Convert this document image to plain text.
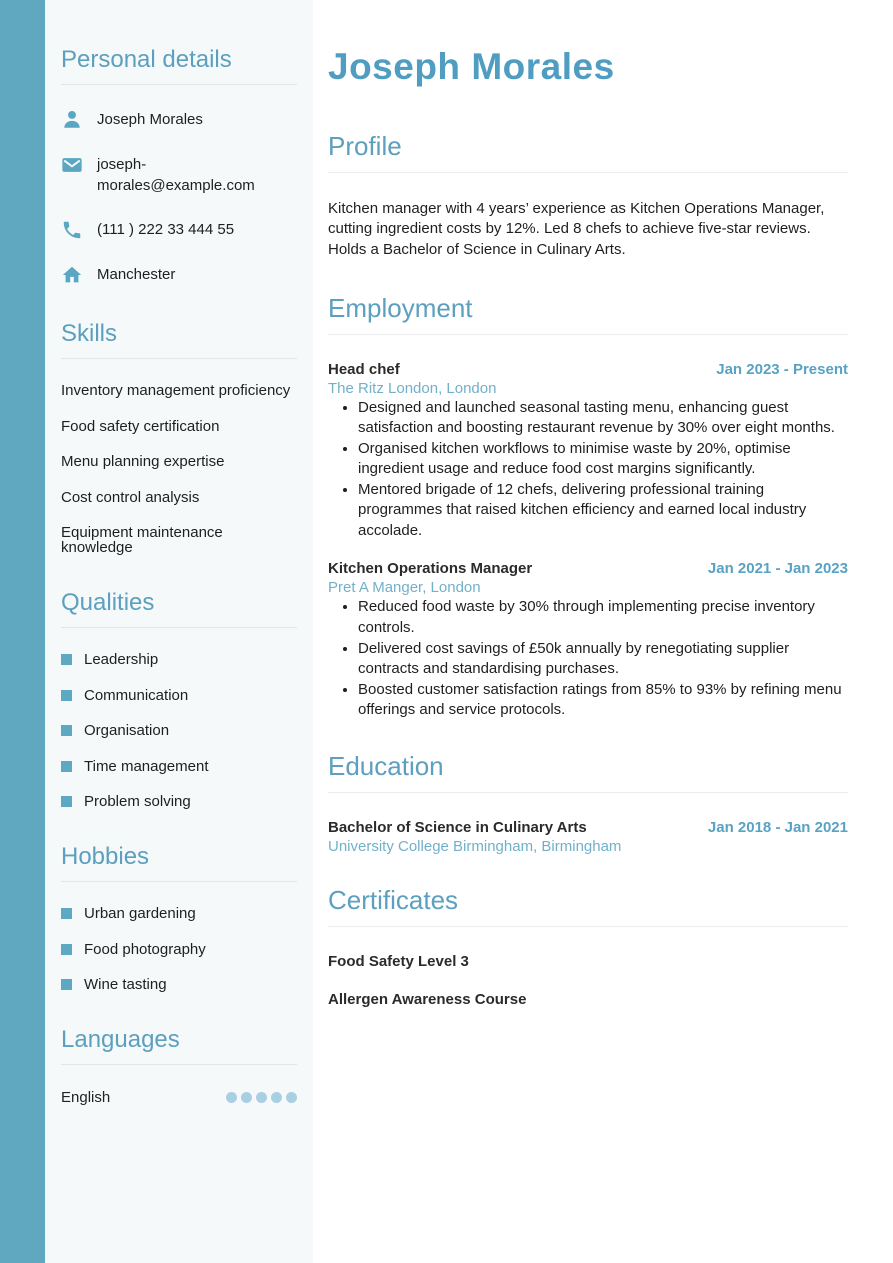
Personal details
Joseph Morales
joseph-morales@example.com
(111 ) 222 33 444 55
Manchester
Skills
Inventory management proficiency
Food safety certification
Menu planning expertise
Cost control analysis
Equipment maintenance knowledge
Qualities
Leadership
Communication
Organisation
Time management
Problem solving
Hobbies
Urban gardening
Food photography
Wine tasting
Languages
English
Joseph Morales
Profile

Kitchen manager with 4 years’ experience as Kitchen Operations Manager, cutting ingredient costs by 12%. Led 8 chefs to achieve five-star reviews. Holds a Bachelor of Science in Culinary Arts.

Employment
Head chef	Jan 2023 - Present
The Ritz London, London
• Designed and launched seasonal tasting menu, enhancing guest satisfaction and boosting restaurant revenue by 30% over eight months.
• Organised kitchen workflows to minimise waste by 20%, optimise ingredient usage and reduce food cost margins significantly.
• Mentored brigade of 12 chefs, delivering professional training programmes that raised kitchen efficiency and earned local industry accolade.
Kitchen Operations Manager	Jan 2021 - Jan 2023
Pret A Manger, London
• Reduced food waste by 30% through implementing precise inventory controls.
• Delivered cost savings of £50k annually by renegotiating supplier contracts and standardising purchases.
• Boosted customer satisfaction ratings from 85% to 93% by refining menu offerings and service protocols.
Education
Bachelor of Science in Culinary Arts	Jan 2018 - Jan 2021
University College Birmingham, Birmingham
Certificates
Food Safety Level 3
Allergen Awareness Course
